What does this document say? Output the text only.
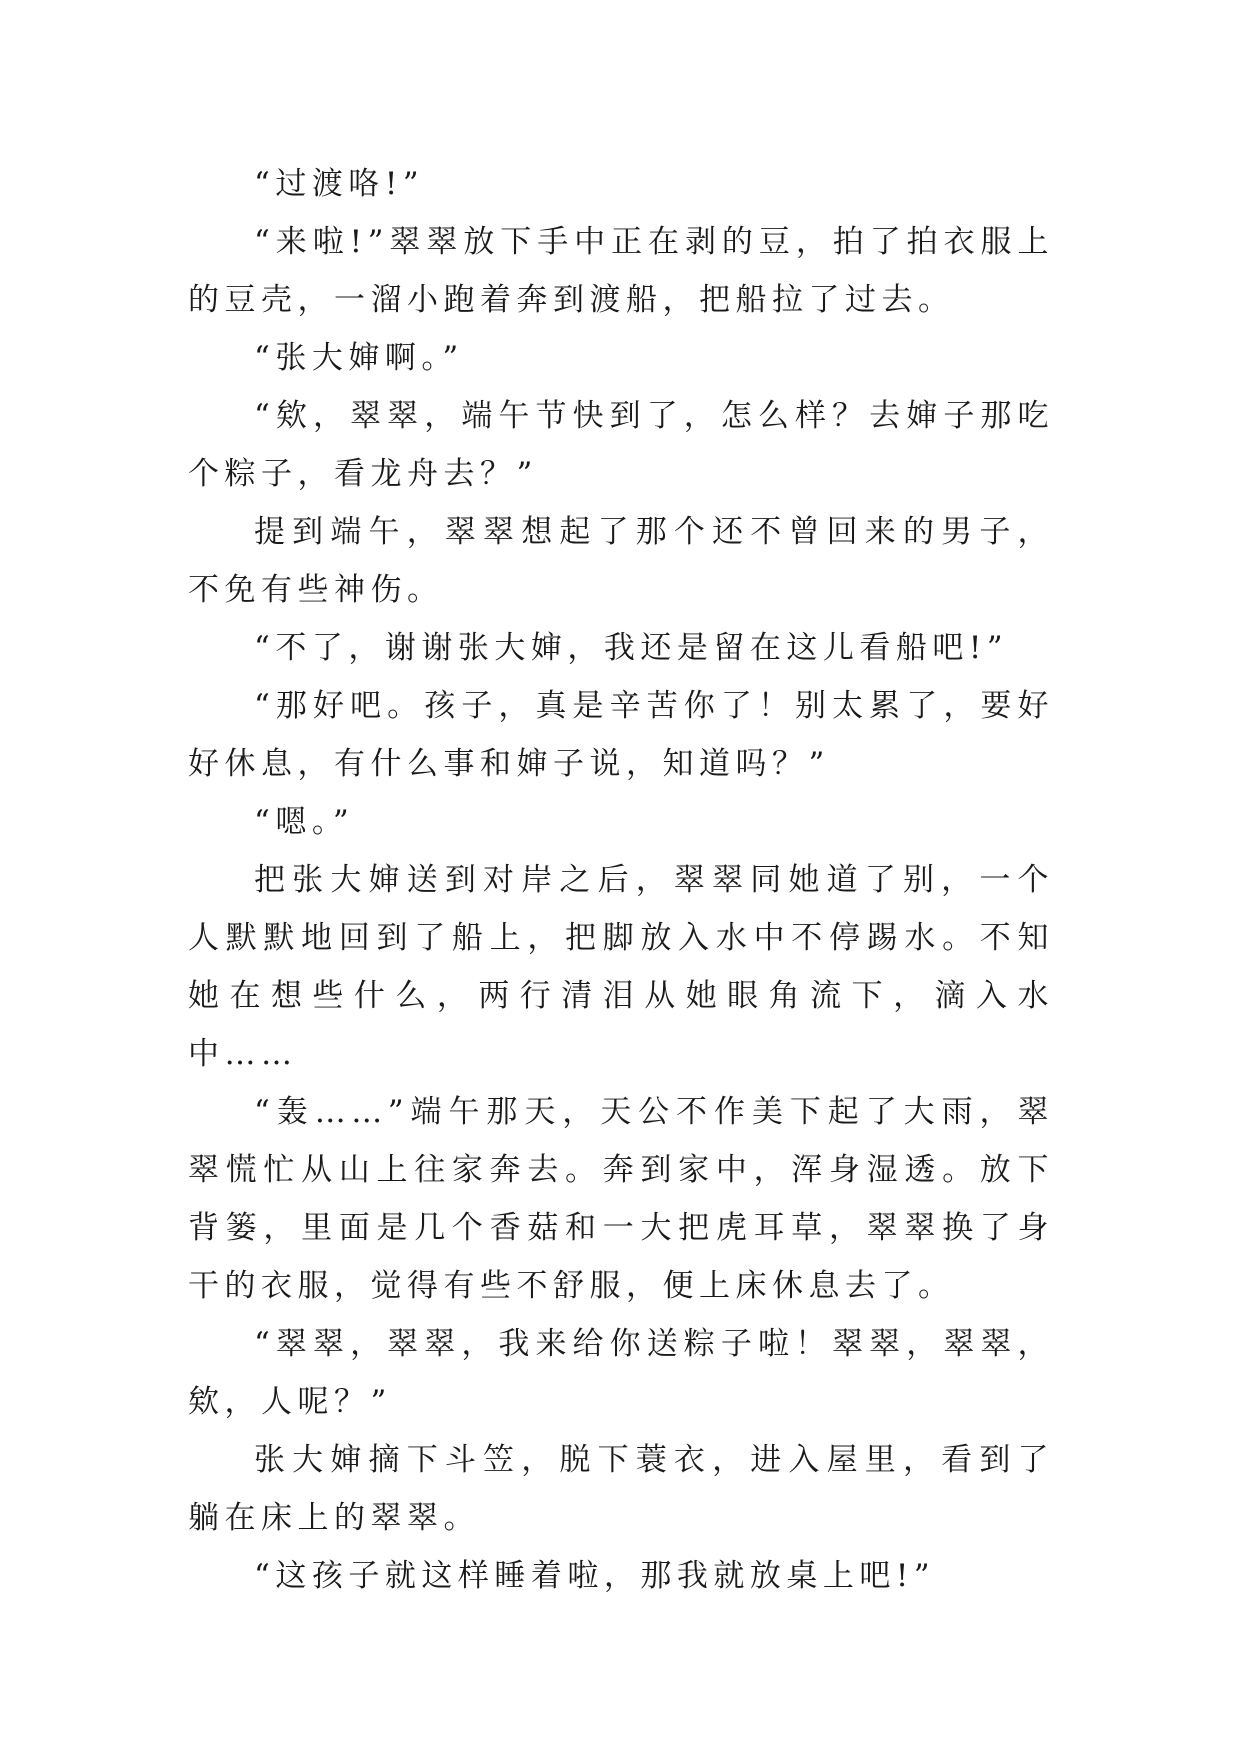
“过渡咯!”

“来啦!”翠翠放下手中正在剥的豆，拍了拍衣服上的豆壳，一溜小跑着奔到渡船，把船拉了过去。

“张大婶啊。”

“欸，翠翠，端午节快到了，怎么样？去婶子那吃个粽子，看龙舟去？”

提到端午，翠翠想起了那个还不曾回来的男子，不免有些神伤。

“不了，谢谢张大婶，我还是留在这儿看船吧!”

“那好吧。孩子，真是辛苦你了！别太累了，要好好休息，有什么事和婶子说，知道吗？”

“嗯。”

把张大婶送到对岸之后，翠翠同她道了别，一个人默默地回到了船上，把脚放入水中不停踢水。不知她在想些什么，两行清泪从她眼角流下，滴入水中……

“轰……”端午那天，天公不作美下起了大雨，翠翠慌忙从山上往家奔去。奔到家中，浑身湿透。放下背篓，里面是几个香菇和一大把虎耳草，翠翠换了身干的衣服，觉得有些不舒服，便上床休息去了。

“翠翠，翠翠，我来给你送粽子啦！翠翠，翠翠，欸，人呢？”

张大婶摘下斗笠，脱下蓑衣，进入屋里，看到了躺在床上的翠翠。

“这孩子就这样睡着啦，那我就放桌上吧!”
